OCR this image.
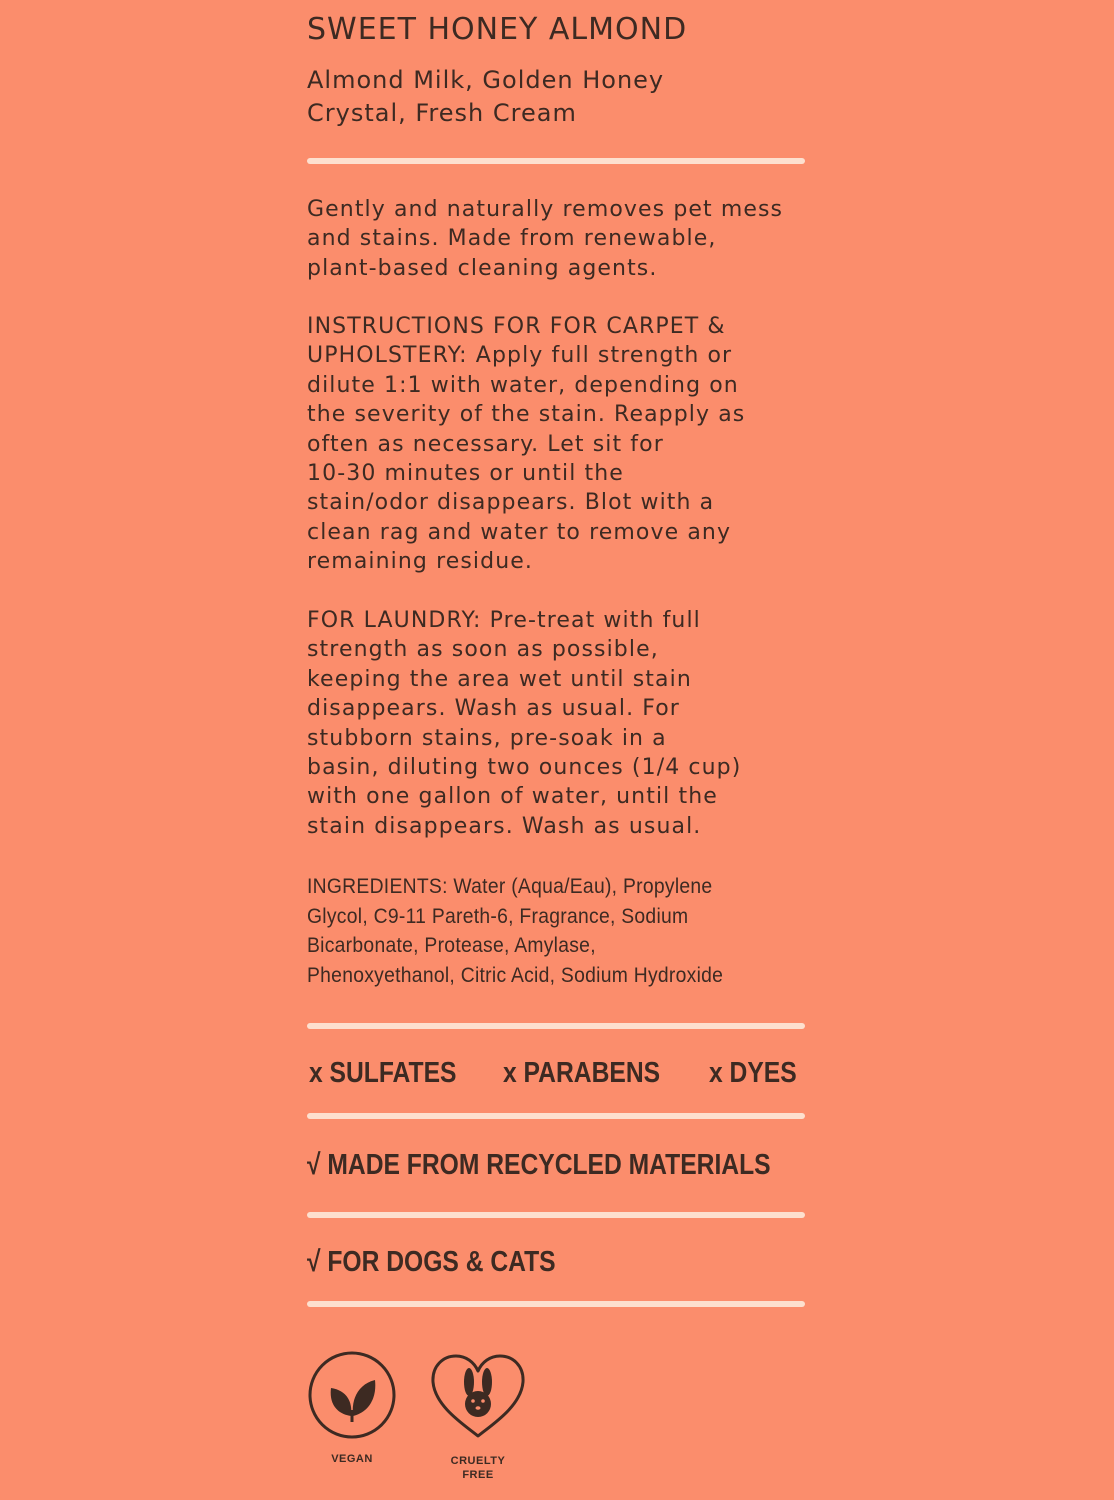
SWEET HONEY ALMOND
Almond Milk, Golden Honey
Crystal, Fresh Cream
Gently and naturally removes pet mess
and stains. Made from renewable,
plant-based cleaning agents.
INSTRUCTIONS FOR FOR CARPET &
UPHOLSTERY: Apply full strength or
dilute 1:1 with water, depending on
the severity of the stain. Reapply as
often as necessary. Let sit for
10-30 minutes or until the
stain/odor disappears. Blot with a
clean rag and water to remove any
remaining residue.
FOR LAUNDRY: Pre-treat with full
strength as soon as possible,
keeping the area wet until stain
disappears. Wash as usual. For
stubborn stains, pre-soak in a
basin, diluting two ounces (1/4 cup)
with one gallon of water, until the
stain disappears. Wash as usual.
INGREDIENTS: Water (Aqua/Eau), Propylene
Glycol, C9-11 Pareth-6, Fragrance, Sodium
Bicarbonate, Protease, Amylase,
Phenoxyethanol, Citric Acid, Sodium Hydroxide
x SULFATES x PARABENS x DYES
√ MADE FROM RECYCLED MATERIALS
√ FOR DOGS & CATS
VEGAN	CRUELTY
FREE
